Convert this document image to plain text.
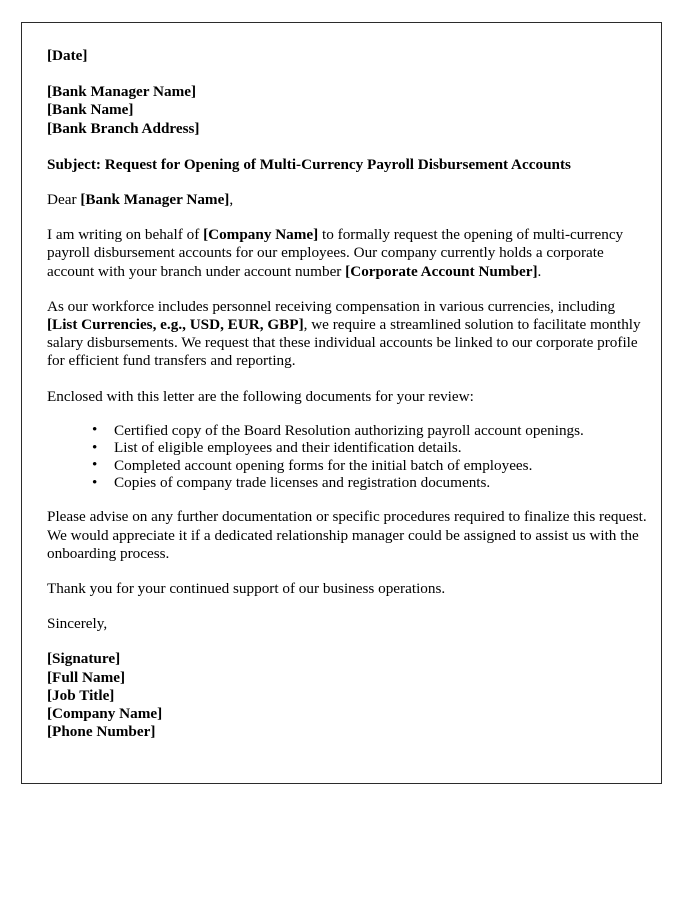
[Date]
[Bank Manager Name]
[Bank Name]
[Bank Branch Address]
Subject: Request for Opening of Multi-Currency Payroll Disbursement Accounts
Dear [Bank Manager Name],
I am writing on behalf of [Company Name] to formally request the opening of multi-currency payroll disbursement accounts for our employees. Our company currently holds a corporate account with your branch under account number [Corporate Account Number].
As our workforce includes personnel receiving compensation in various currencies, including [List Currencies, e.g., USD, EUR, GBP], we require a streamlined solution to facilitate monthly salary disbursements. We request that these individual accounts be linked to our corporate profile for efficient fund transfers and reporting.
Enclosed with this letter are the following documents for your review:
• Certified copy of the Board Resolution authorizing payroll account openings.
• List of eligible employees and their identification details.
• Completed account opening forms for the initial batch of employees.
• Copies of company trade licenses and registration documents.
Please advise on any further documentation or specific procedures required to finalize this request. We would appreciate it if a dedicated relationship manager could be assigned to assist us with the onboarding process.
Thank you for your continued support of our business operations.
Sincerely,
[Signature]
[Full Name]
[Job Title]
[Company Name]
[Phone Number]
